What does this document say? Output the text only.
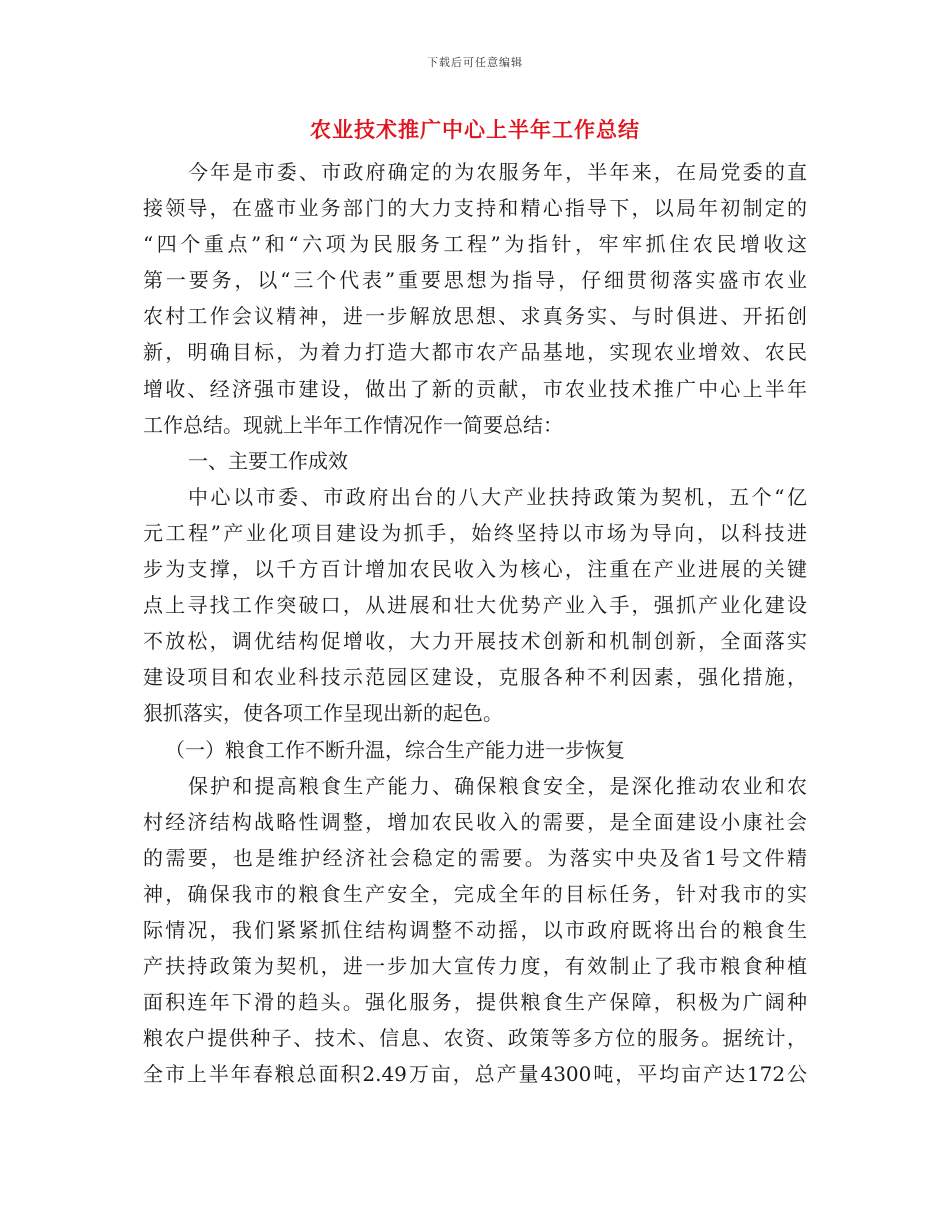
下载后可任意编辑
农业技术推广中心上半年工作总结
今年是市委、市政府确定的为农服务年，半年来，在局党委的直
接领导，在盛市业务部门的大力支持和精心指导下，以局年初制定的
“四个重点”和“六项为民服务工程”为指针，牢牢抓住农民增收这
第一要务，以“三个代表”重要思想为指导，仔细贯彻落实盛市农业
农村工作会议精神，进一步解放思想、求真务实、与时俱进、开拓创
新，明确目标，为着力打造大都市农产品基地，实现农业增效、农民
增收、经济强市建设，做出了新的贡献，市农业技术推广中心上半年
工作总结。现就上半年工作情况作一简要总结：
一、主要工作成效
中心以市委、市政府出台的八大产业扶持政策为契机，五个“亿
元工程”产业化项目建设为抓手，始终坚持以市场为导向，以科技进
步为支撑，以千方百计增加农民收入为核心，注重在产业进展的关键
点上寻找工作突破口，从进展和壮大优势产业入手，强抓产业化建设
不放松，调优结构促增收，大力开展技术创新和机制创新，全面落实
建设项目和农业科技示范园区建设，克服各种不利因素，强化措施，
狠抓落实，使各项工作呈现出新的起色。
（一）粮食工作不断升温，综合生产能力进一步恢复
保护和提高粮食生产能力、确保粮食安全，是深化推动农业和农
村经济结构战略性调整，增加农民收入的需要，是全面建设小康社会
的需要，也是维护经济社会稳定的需要。为落实中央及省1号文件精
神，确保我市的粮食生产安全，完成全年的目标任务，针对我市的实
际情况，我们紧紧抓住结构调整不动摇，以市政府既将出台的粮食生
产扶持政策为契机，进一步加大宣传力度，有效制止了我市粮食种植
面积连年下滑的趋头。强化服务，提供粮食生产保障，积极为广阔种
粮农户提供种子、技术、信息、农资、政策等多方位的服务。据统计，
全市上半年春粮总面积2.49万亩，总产量4300吨，平均亩产达172公
